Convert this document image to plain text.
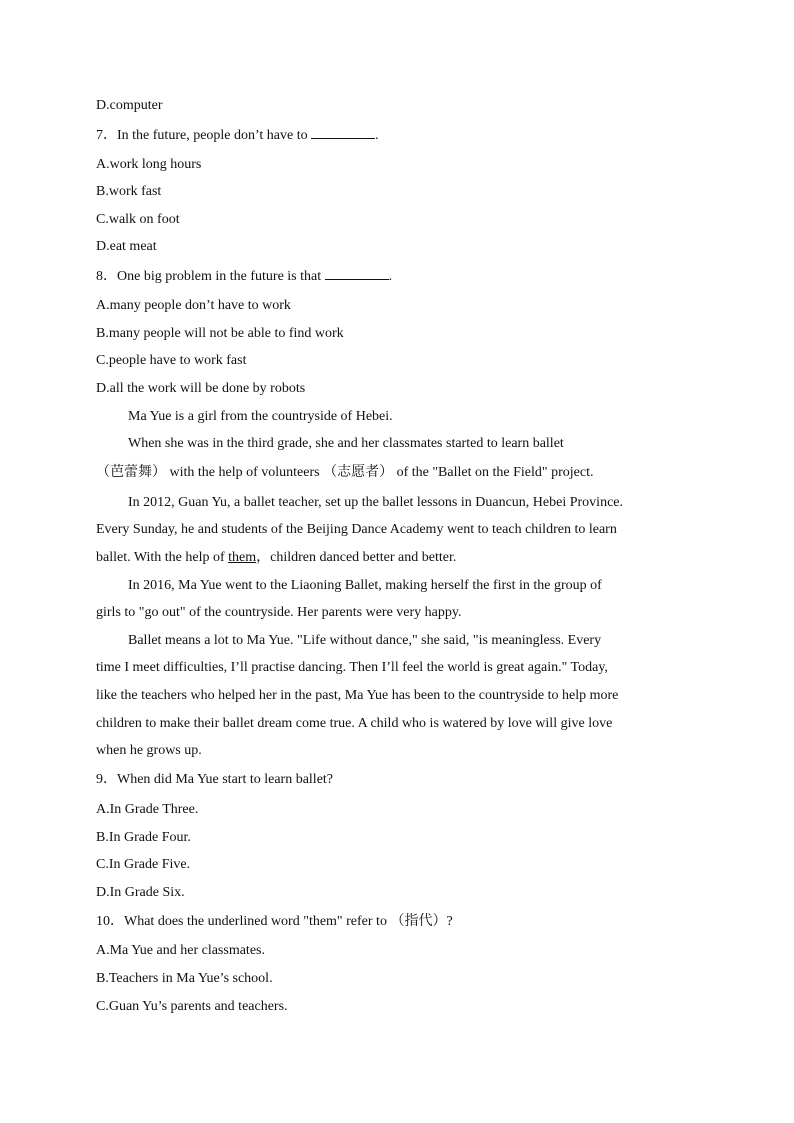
D.computer
7．In the future, people don’t have to	.
A.work long hours
B.work fast
C.walk on foot
D.eat meat
8．One big problem in the future is that	.
A.many people don’t have to work
B.many people will not be able to find work
C.people have to work fast
D.all the work will be done by robots
Ma Yue is a girl from the countryside of Hebei.
When she was in the third grade, she and her classmates started to learn ballet
（芭蕾舞） with the help of volunteers （志愿者） of the "Ballet on the Field" project.
In 2012, Guan Yu, a ballet teacher, set up the ballet lessons in Duancun, Hebei Province.
Every Sunday, he and students of the Beijing Dance Academy went to teach children to learn
ballet. With the help of them，children danced better and better.
In 2016, Ma Yue went to the Liaoning Ballet, making herself the first in the group of
girls to "go out" of the countryside. Her parents were very happy.
Ballet means a lot to Ma Yue. "Life without dance," she said, "is meaningless. Every
time I meet difficulties, I’ll practise dancing. Then I’ll feel the world is great again." Today,
like the teachers who helped her in the past, Ma Yue has been to the countryside to help more
children to make their ballet dream come true. A child who is watered by love will give love
when he grows up.
9．When did Ma Yue start to learn ballet?
A.In Grade Three.
B.In Grade Four.
C.In Grade Five.
D.In Grade Six.
10．What does the underlined word "them" refer to （指代）?
A.Ma Yue and her classmates.
B.Teachers in Ma Yue’s school.
C.Guan Yu’s parents and teachers.
